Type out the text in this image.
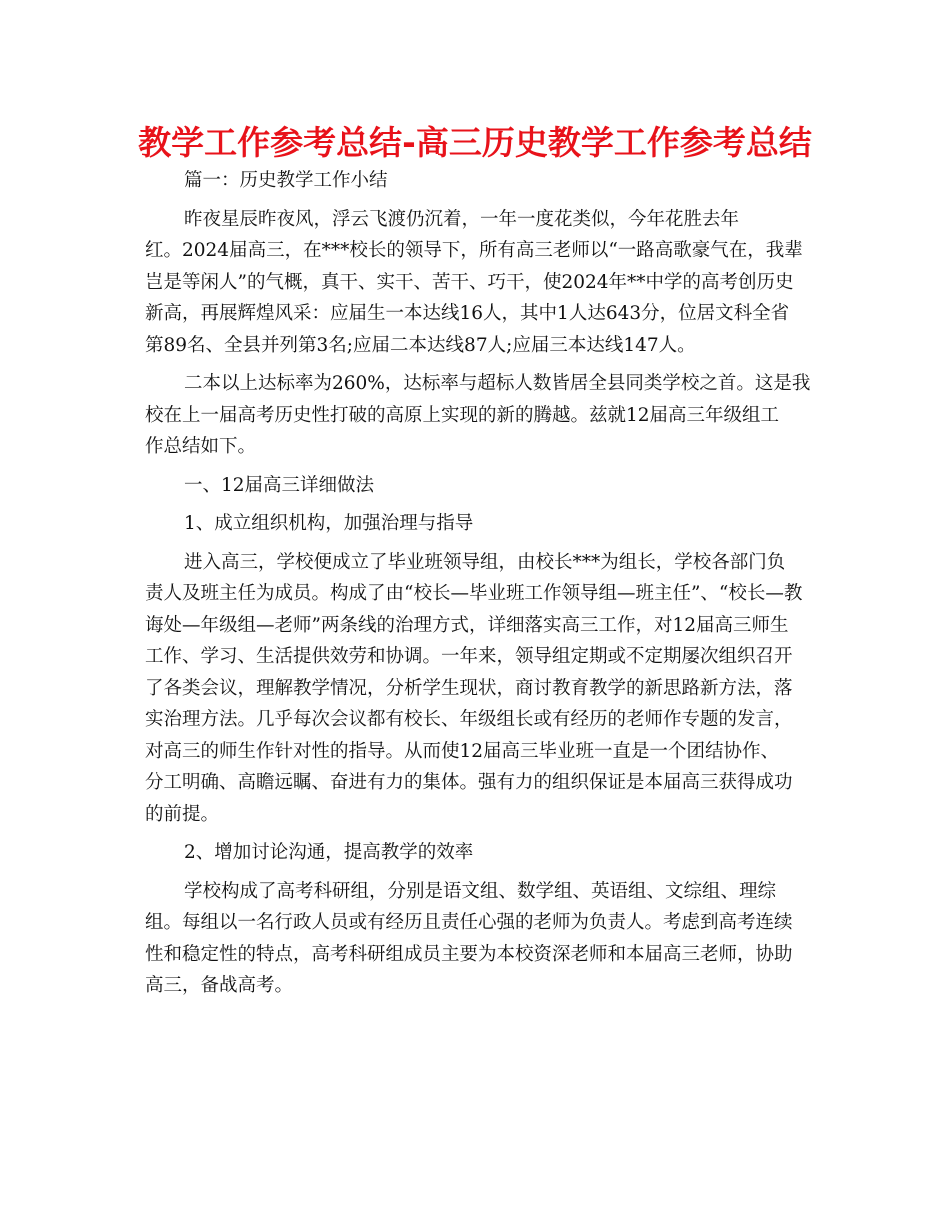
教学工作参考总结-高三历史教学工作参考总结
篇一：历史教学工作小结
昨夜星辰昨夜风，浮云飞渡仍沉着，一年一度花类似，今年花胜去年
红。2024届高三，在***校长的领导下，所有高三老师以“一路高歌豪气在，我辈
岂是等闲人”的气概，真干、实干、苦干、巧干，使2024年**中学的高考创历史
新高，再展辉煌风采：应届生一本达线16人，其中1人达643分，位居文科全省
第89名、全县并列第3名;应届二本达线87人;应届三本达线147人。
二本以上达标率为260%，达标率与超标人数皆居全县同类学校之首。这是我
校在上一届高考历史性打破的高原上实现的新的腾越。兹就12届高三年级组工
作总结如下。
一、12届高三详细做法
1、成立组织机构，加强治理与指导
进入高三，学校便成立了毕业班领导组，由校长***为组长，学校各部门负
责人及班主任为成员。构成了由“校长—毕业班工作领导组—班主任”、“校长—教
诲处—年级组—老师”两条线的治理方式，详细落实高三工作，对12届高三师生
工作、学习、生活提供效劳和协调。一年来，领导组定期或不定期屡次组织召开
了各类会议，理解教学情况，分析学生现状，商讨教育教学的新思路新方法，落
实治理方法。几乎每次会议都有校长、年级组长或有经历的老师作专题的发言，
对高三的师生作针对性的指导。从而使12届高三毕业班一直是一个团结协作、
分工明确、高瞻远瞩、奋进有力的集体。强有力的组织保证是本届高三获得成功
的前提。
2、增加讨论沟通，提高教学的效率
学校构成了高考科研组，分别是语文组、数学组、英语组、文综组、理综
组。每组以一名行政人员或有经历且责任心强的老师为负责人。考虑到高考连续
性和稳定性的特点，高考科研组成员主要为本校资深老师和本届高三老师，协助
高三，备战高考。
